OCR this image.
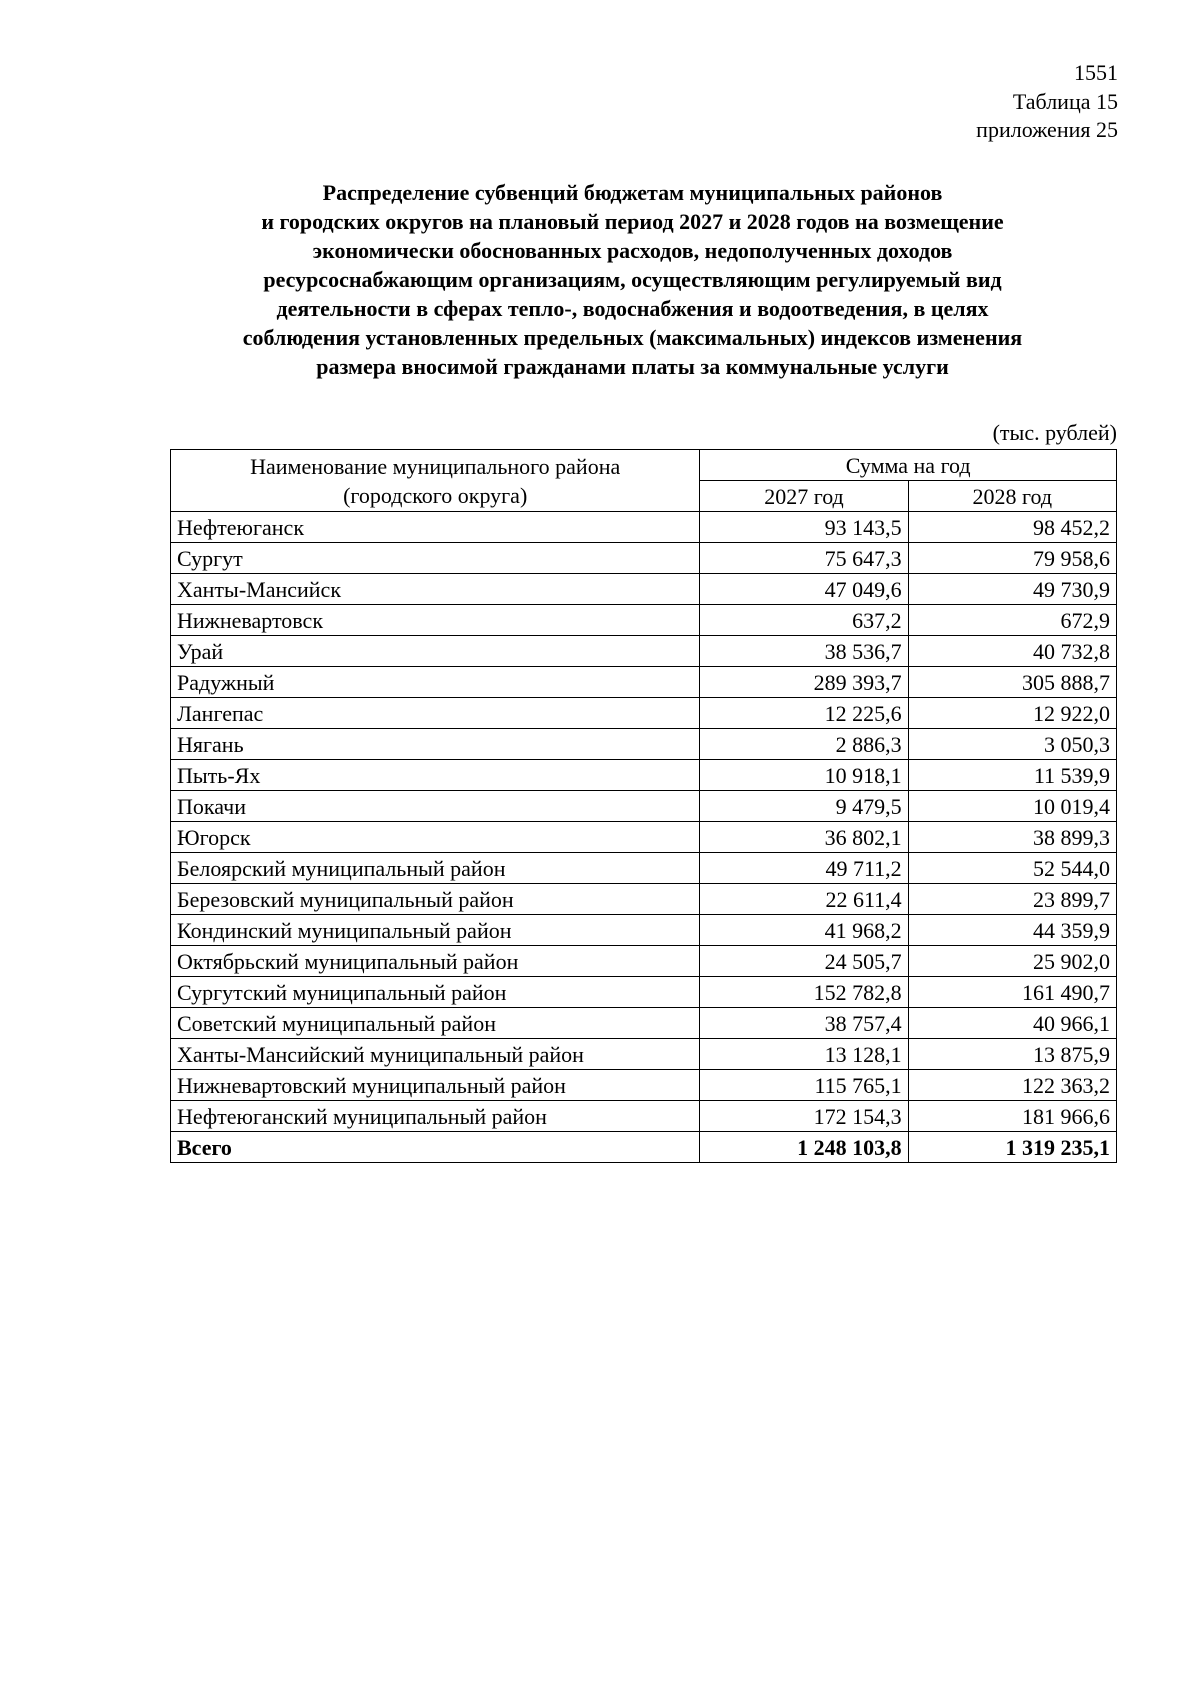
1551
Таблица 15
приложения 25
Распределение субвенций бюджетам муниципальных районов
и городских округов на плановый период 2027 и 2028 годов на возмещение
экономически обоснованных расходов, недополученных доходов
ресурсоснабжающим организациям, осуществляющим регулируемый вид
деятельности в сферах тепло-, водоснабжения и водоотведения, в целях
соблюдения установленных предельных (максимальных) индексов изменения
размера вносимой гражданами платы за коммунальные услуги
(тыс. рублей)
Наименование муниципального района
(городского округа)	Сумма на год	
	2027 год	2028 год
Нефтеюганск	93 143,5	98 452,2
Сургут	75 647,3	79 958,6
Ханты-Мансийск	47 049,6	49 730,9
Нижневартовск	637,2	672,9
Урай	38 536,7	40 732,8
Радужный	289 393,7	305 888,7
Лангепас	12 225,6	12 922,0
Нягань	2 886,3	3 050,3
Пыть-Ях	10 918,1	11 539,9
Покачи	9 479,5	10 019,4
Югорск	36 802,1	38 899,3
Белоярский муниципальный район	49 711,2	52 544,0
Березовский муниципальный район	22 611,4	23 899,7
Кондинский муниципальный район	41 968,2	44 359,9
Октябрьский муниципальный район	24 505,7	25 902,0
Сургутский муниципальный район	152 782,8	161 490,7
Советский муниципальный район	38 757,4	40 966,1
Ханты-Мансийский муниципальный район	13 128,1	13 875,9
Нижневартовский муниципальный район	115 765,1	122 363,2
Нефтеюганский муниципальный район	172 154,3	181 966,6
Всего	1 248 103,8	1 319 235,1
